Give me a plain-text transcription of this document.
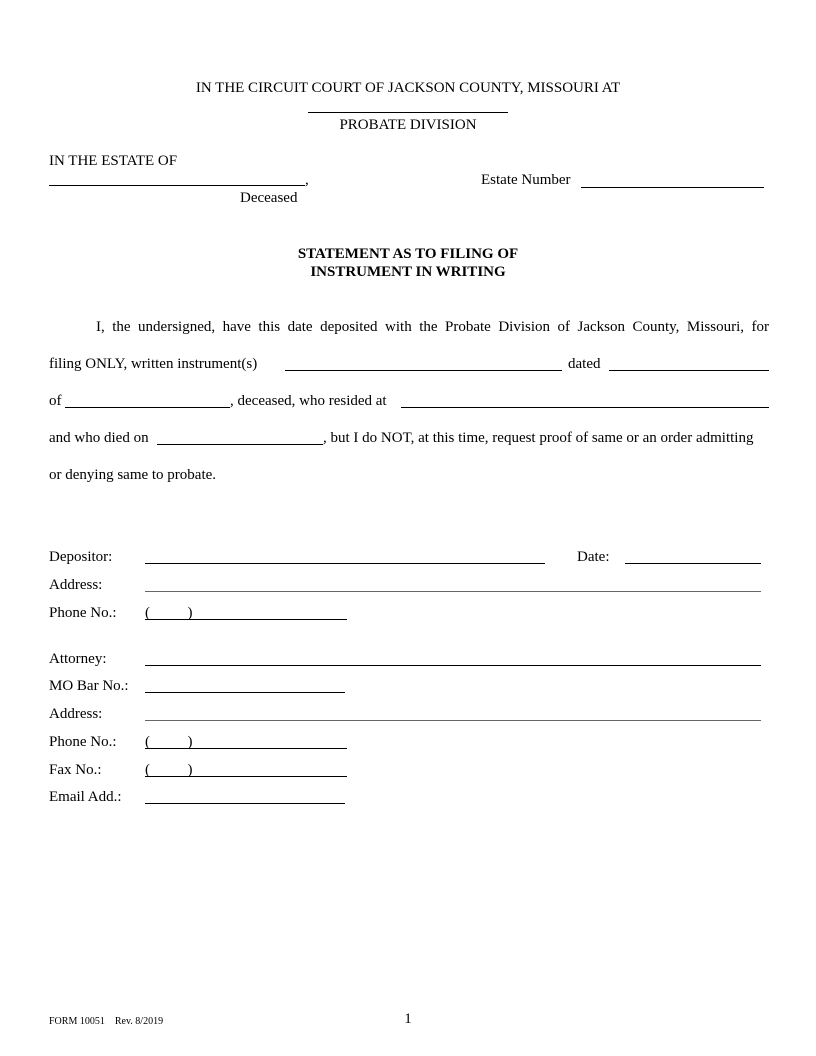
IN THE CIRCUIT COURT OF JACKSON COUNTY, MISSOURI AT
PROBATE DIVISION
IN THE ESTATE OF
,
Deceased
Estate Number
STATEMENT AS TO FILING OF
INSTRUMENT IN WRITING
I, the undersigned, have this date deposited with the Probate Division of Jackson County, Missouri, for
filing ONLY, written instrument(s)	dated
of	, deceased, who resided at
and who died on	, but I do NOT, at this time, request proof of same or an order admitting
or denying same to probate.
Depositor:	Date:
Address:
Phone No.: (          )
Attorney:
MO Bar No.:
Address:
Phone No.: (          )
Fax No.:	(          )
Email Add.:
FORM 10051    Rev. 8/2019	1
